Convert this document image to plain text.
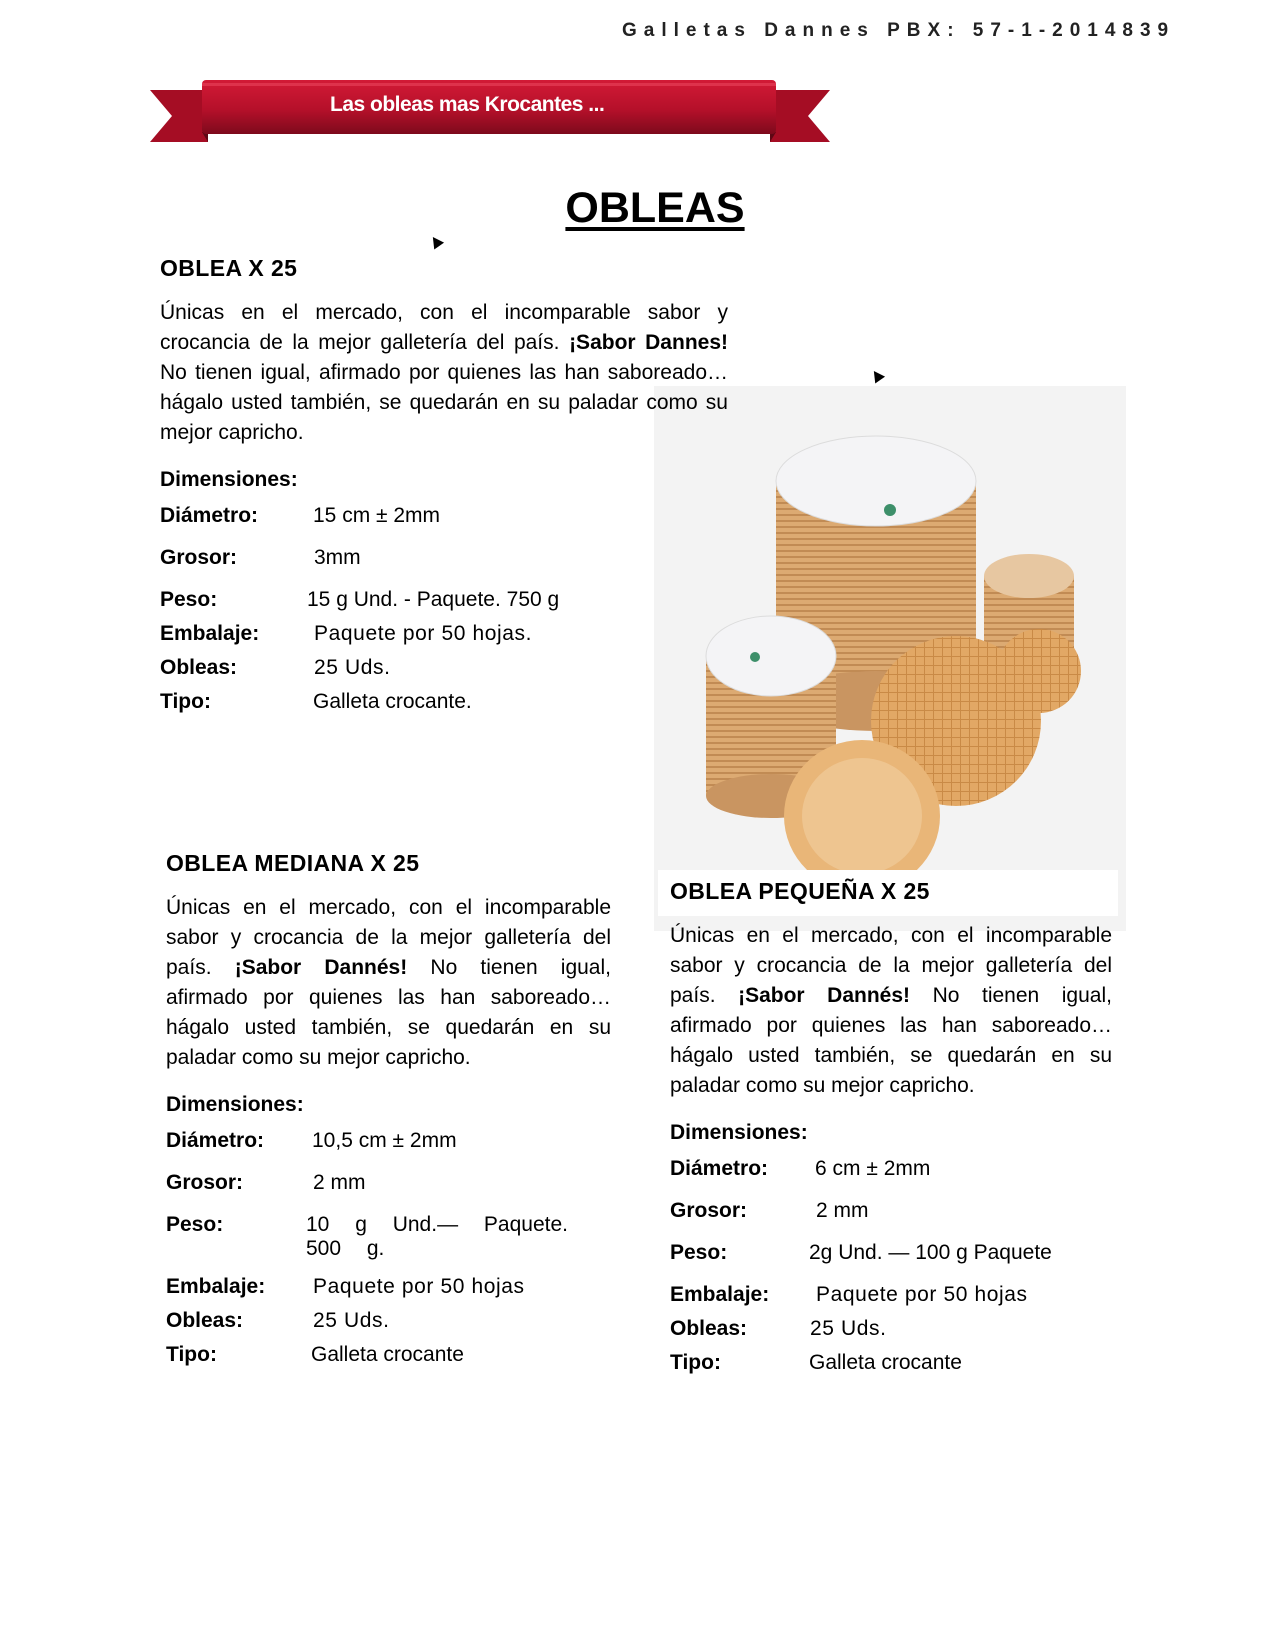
Galletas Dannes PBX: 57-1-2014839
Las obleas mas Krocantes ...
OBLEAS
OBLEA X 25

Únicas en el mercado, con el incomparable sabor y crocancia de la mejor galletería del país. ¡Sabor Dannes! No tienen igual, afirmado por quienes las han saboreado… hágalo usted también, se quedarán en su paladar como su mejor capricho.

Dimensiones:
Diámetro:	15 cm ± 2mm
Grosor:	3mm
Peso:	15 g Und. - Paquete. 750 g
Embalaje:	Paquete por 50 hojas.
Obleas:	25 Uds.
Tipo:	Galleta crocante.
OBLEA MEDIANA X 25

Únicas en el mercado, con el incomparable sabor y crocancia de la mejor galletería del país. ¡Sabor Dannés! No tienen igual, afirmado por quienes las han saboreado… hágalo usted también, se quedarán en su paladar como su mejor capricho.

Dimensiones:
Diámetro: 10,5 cm ± 2mm
Grosor:	2 mm
Peso:	10 g Und.— Paquete. 500 g.
Embalaje: Paquete por 50 hojas
Obleas:	25 Uds.
Tipo:	Galleta crocante
OBLEA PEQUEÑA X 25

Únicas en el mercado, con el incomparable sabor y crocancia de la mejor galletería del país. ¡Sabor Dannés! No tienen igual, afirmado por quienes las han saboreado… hágalo usted también, se quedarán en su paladar como su mejor capricho.

Dimensiones:
Diámetro: 6 cm ± 2mm
Grosor:	2 mm
Peso:	2g Und. — 100 g Paquete
Embalaje: Paquete por 50 hojas
Obleas:	25 Uds.
Tipo:	Galleta crocante
